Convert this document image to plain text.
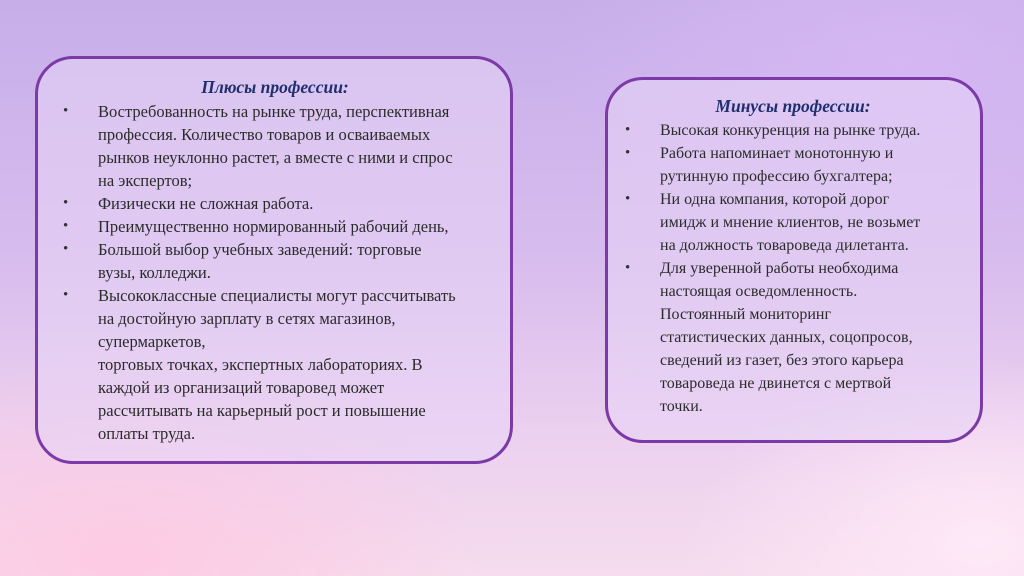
Плюсы профессии:
• Востребованность на рынке труда, перспективная
профессия. Количество товаров и осваиваемых
рынков неуклонно растет, а вместе с ними и спрос
на экспертов;
• Физически не сложная работа.
• Преимущественно нормированный рабочий день,
• Большой выбор учебных заведений: торговые
вузы, колледжи.
• Высококлассные специалисты могут рассчитывать
на достойную зарплату в сетях магазинов,
супермаркетов,
торговых точках, экспертных лабораториях. В
каждой из организаций товаровед может
рассчитывать на карьерный рост и повышение
оплаты труда.
Минусы профессии:
• Высокая конкуренция на рынке труда.
• Работа напоминает монотонную и
рутинную профессию бухгалтера;
• Ни одна компания, которой дорог
имидж и мнение клиентов, не возьмет
на должность товароведа дилетанта.
• Для уверенной работы необходима
настоящая осведомленность.
Постоянный мониторинг
статистических данных, соцопросов,
сведений из газет, без этого карьера
товароведа не двинется с мертвой
точки.
